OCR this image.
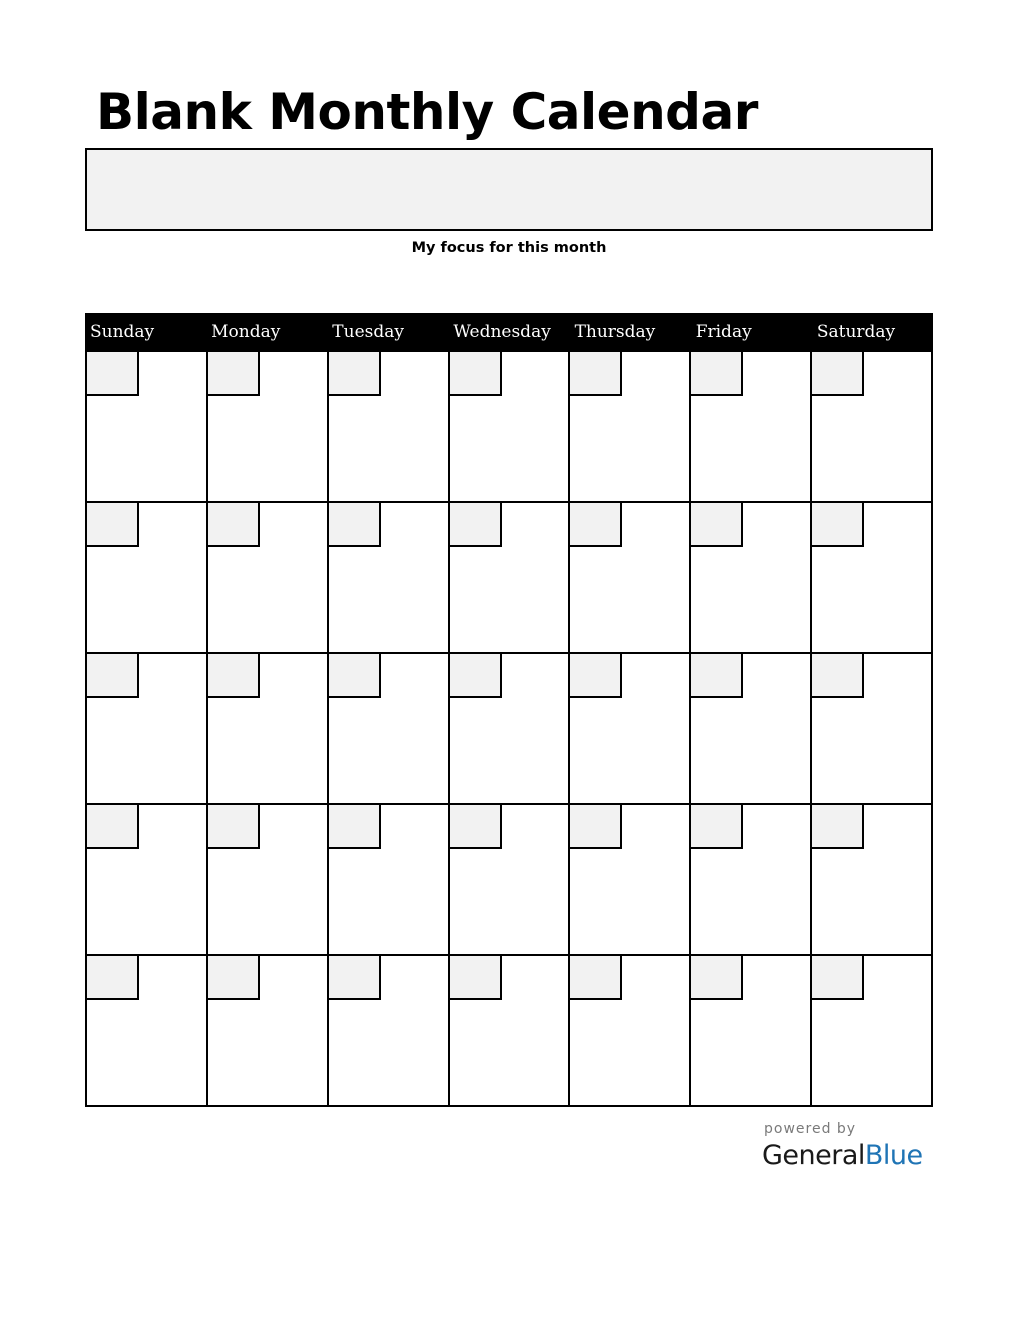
Blank Monthly Calendar
My focus for this month
Sunday	Monday	Tuesday	Wednesday	Thursday	Friday	Saturday
powered by
GeneralBlue
